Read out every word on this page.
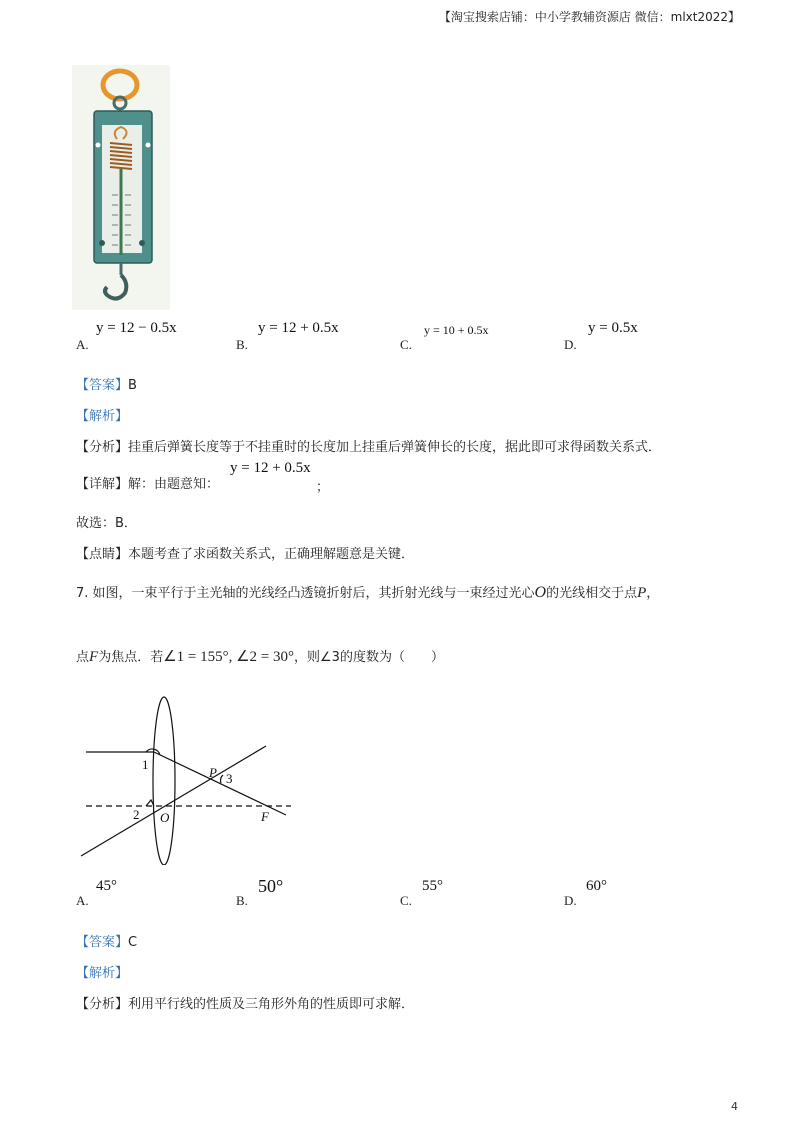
【淘宝搜索店铺：中小学教辅资源店 微信：mlxt2022】
A.
y = 12 − 0.5x
B.
y = 12 + 0.5x
C.
y = 10 + 0.5x
D.
y = 0.5x
【答案】B
【解析】
【分析】挂重后弹簧长度等于不挂重时的长度加上挂重后弹簧伸长的长度，据此即可求得函数关系式．
【详解】解：由题意知：
y = 12 + 0.5x
；
故选：B．
【点睛】本题考查了求函数关系式，正确理解题意是关键．
7. 如图，一束平行于主光轴的光线经凸透镜折射后，其折射光线与一束经过光心O的光线相交于点P，
点F为焦点．若∠1 = 155°, ∠2 = 30°，则∠3的度数为（　　）
1
2
3
O
P
F
A.
45°
B.
50°
C.
55°
D.
60°
【答案】C
【解析】
【分析】利用平行线的性质及三角形外角的性质即可求解．
4
